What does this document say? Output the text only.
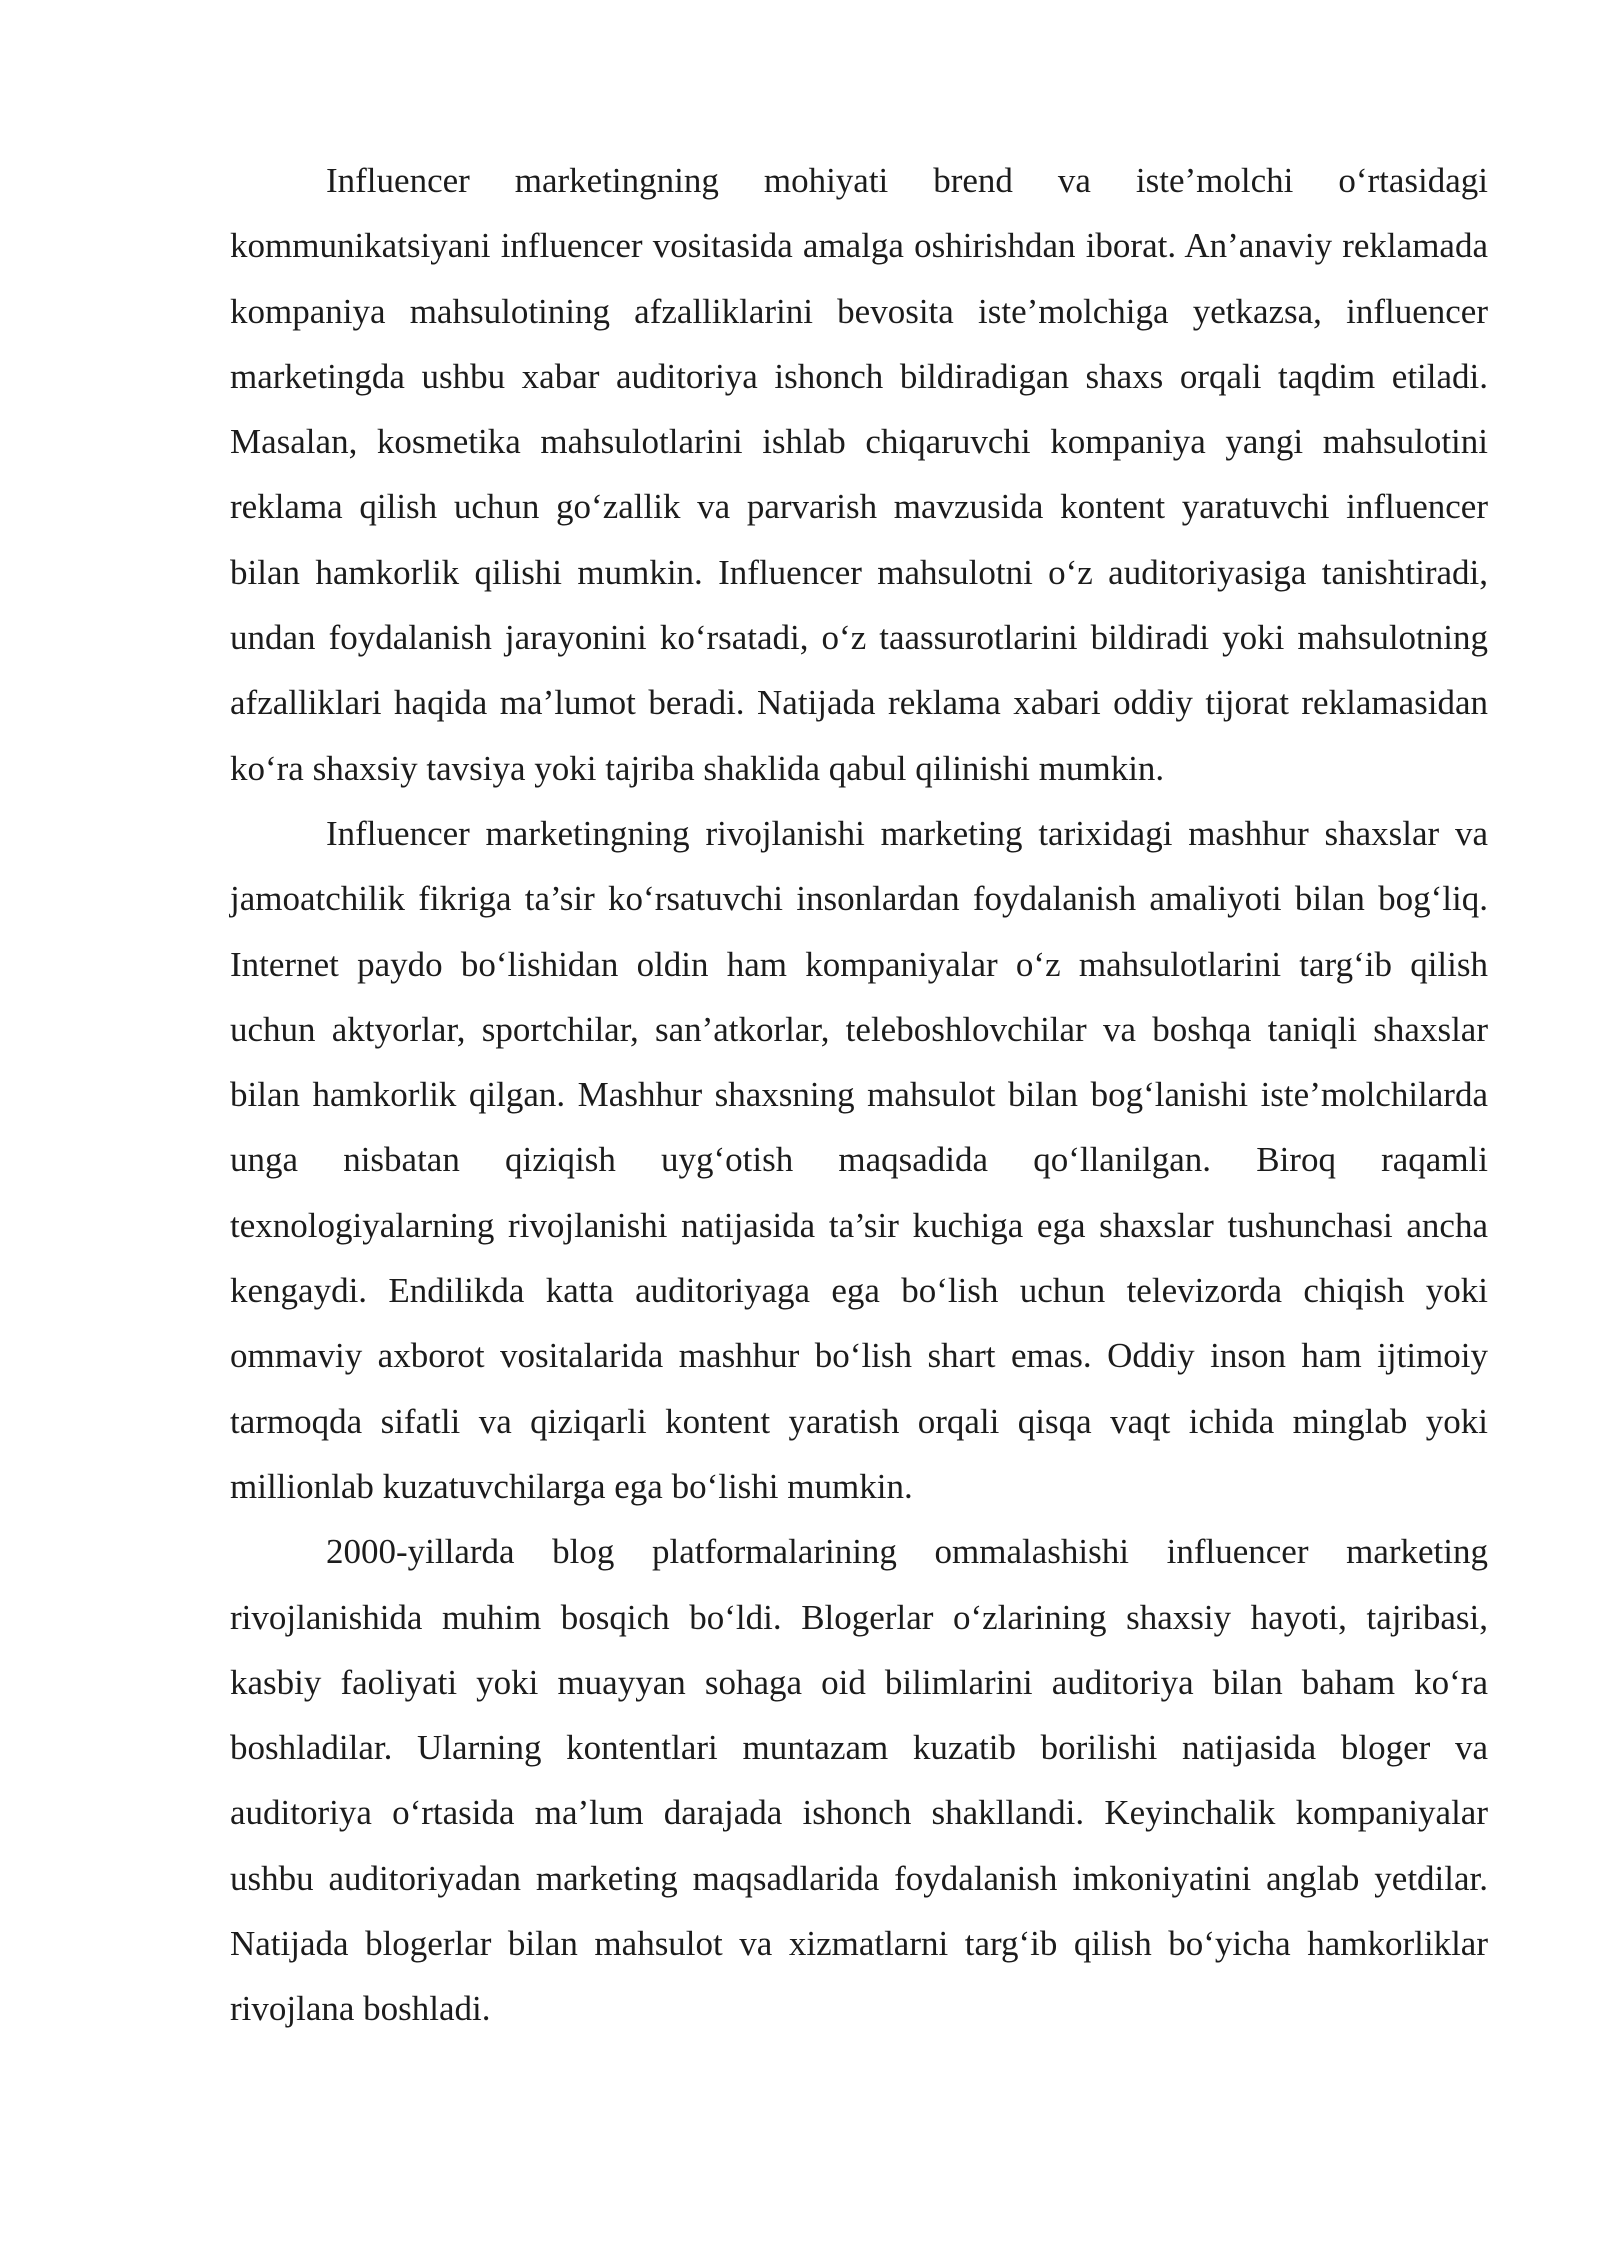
Influencer marketingning mohiyati brend va iste’molchi o‘rtasidagi kommunikatsiyani influencer vositasida amalga oshirishdan iborat. An’anaviy reklamada kompaniya mahsulotining afzalliklarini bevosita iste’molchiga yetkazsa, influencer marketingda ushbu xabar auditoriya ishonch bildiradigan shaxs orqali taqdim etiladi. Masalan, kosmetika mahsulotlarini ishlab chiqaruvchi kompaniya yangi mahsulotini reklama qilish uchun go‘zallik va parvarish mavzusida kontent yaratuvchi influencer bilan hamkorlik qilishi mumkin. Influencer mahsulotni o‘z auditoriyasiga tanishtiradi, undan foydalanish jarayonini ko‘rsatadi, o‘z taassurotlarini bildiradi yoki mahsulotning afzalliklari haqida ma’lumot beradi. Natijada reklama xabari oddiy tijorat reklamasidan ko‘ra shaxsiy tavsiya yoki tajriba shaklida qabul qilinishi mumkin.

Influencer marketingning rivojlanishi marketing tarixidagi mashhur shaxslar va jamoatchilik fikriga ta’sir ko‘rsatuvchi insonlardan foydalanish amaliyoti bilan bog‘liq. Internet paydo bo‘lishidan oldin ham kompaniyalar o‘z mahsulotlarini targ‘ib qilish uchun aktyorlar, sportchilar, san’atkorlar, teleboshlovchilar va boshqa taniqli shaxslar bilan hamkorlik qilgan. Mashhur shaxsning mahsulot bilan bog‘lanishi iste’molchilarda unga nisbatan qiziqish uyg‘otish maqsadida qo‘llanilgan. Biroq raqamli texnologiyalarning rivojlanishi natijasida ta’sir kuchiga ega shaxslar tushunchasi ancha kengaydi. Endilikda katta auditoriyaga ega bo‘lish uchun televizorda chiqish yoki ommaviy axborot vositalarida mashhur bo‘lish shart emas. Oddiy inson ham ijtimoiy tarmoqda sifatli va qiziqarli kontent yaratish orqali qisqa vaqt ichida minglab yoki millionlab kuzatuvchilarga ega bo‘lishi mumkin.

2000-yillarda blog platformalarining ommalashishi influencer marketing rivojlanishida muhim bosqich bo‘ldi. Blogerlar o‘zlarining shaxsiy hayoti, tajribasi, kasbiy faoliyati yoki muayyan sohaga oid bilimlarini auditoriya bilan baham ko‘ra boshladilar. Ularning kontentlari muntazam kuzatib borilishi natijasida bloger va auditoriya o‘rtasida ma’lum darajada ishonch shakllandi. Keyinchalik kompaniyalar ushbu auditoriyadan marketing maqsadlarida foydalanish imkoniyatini anglab yetdilar. Natijada blogerlar bilan mahsulot va xizmatlarni targ‘ib qilish bo‘yicha hamkorliklar rivojlana boshladi.
